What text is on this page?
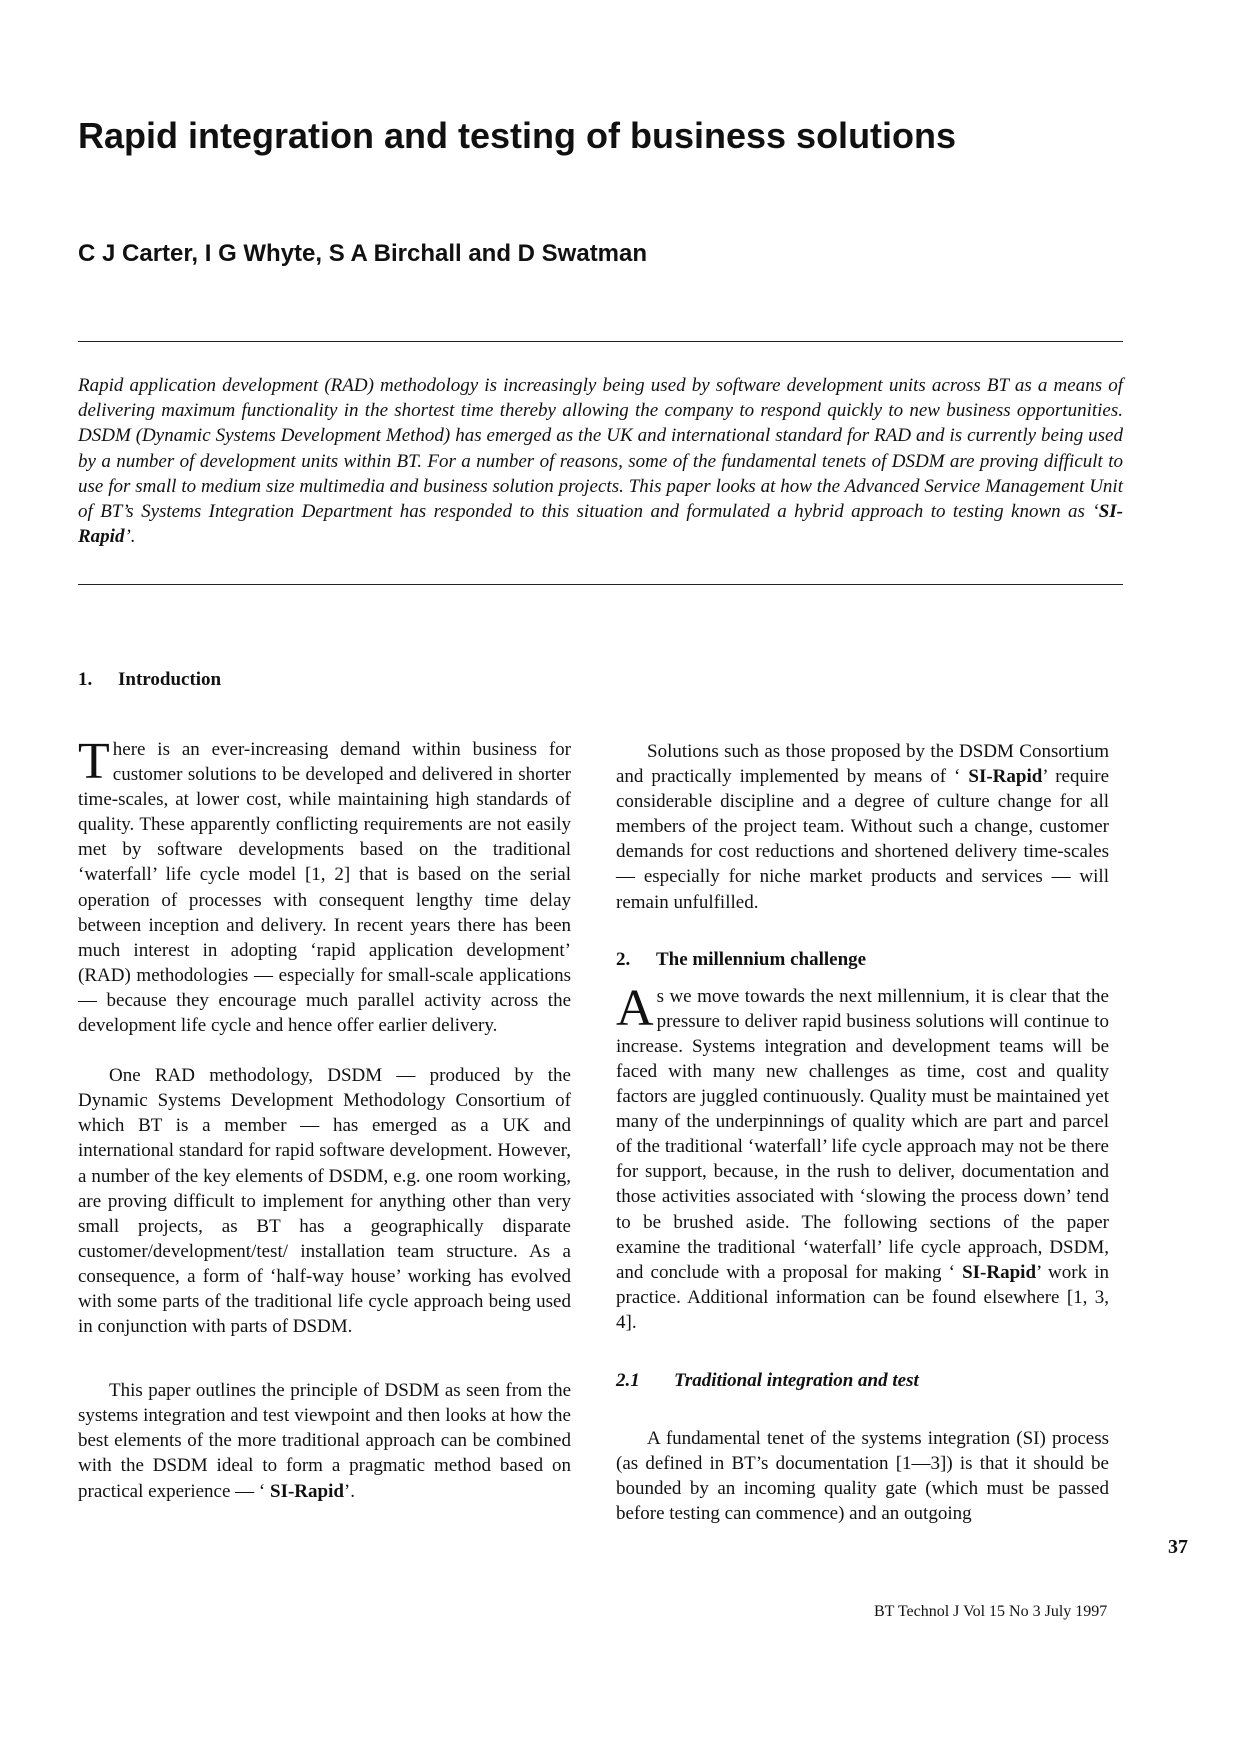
Rapid integration and testing of business solutions
C J Carter, I G Whyte, S A Birchall and D Swatman

Rapid application development (RAD) methodology is increasingly being used by software development units across BT as a means of delivering maximum functionality in the shortest time thereby allowing the company to respond quickly to new business opportunities. DSDM (Dynamic Systems Development Method) has emerged as the UK and international standard for RAD and is currently being used by a number of development units within BT. For a number of reasons, some of the fundamental tenets of DSDM are proving difficult to use for small to medium size multimedia and business solution projects. This paper looks at how the Advanced Service Management Unit of BT’s Systems Integration Department has responded to this situation and formulated a hybrid approach to testing known as ‘SI-Rapid’.

1. Introduction

There is an ever-increasing demand within business for customer solutions to be developed and delivered in shorter time-scales, at lower cost, while maintaining high standards of quality. These apparently conflicting requirements are not easily met by software developments based on the traditional ‘waterfall’ life cycle model [1, 2] that is based on the serial operation of processes with consequent lengthy time delay between inception and delivery. In recent years there has been much interest in adopting ‘rapid application development’ (RAD) methodologies — especially for small-scale applications — because they encourage much parallel activity across the development life cycle and hence offer earlier delivery.

One RAD methodology, DSDM — produced by the Dynamic Systems Development Methodology Consortium of which BT is a member — has emerged as a UK and international standard for rapid software development. However, a number of the key elements of DSDM, e.g. one room working, are proving difficult to implement for anything other than very small projects, as BT has a geographically disparate customer/development/test/ installation team structure. As a consequence, a form of ‘half-way house’ working has evolved with some parts of the traditional life cycle approach being used in conjunction with parts of DSDM.

This paper outlines the principle of DSDM as seen from the systems integration and test viewpoint and then looks at how the best elements of the more traditional approach can be combined with the DSDM ideal to form a pragmatic method based on practical experience — ‘ SI-Rapid’.

Solutions such as those proposed by the DSDM Consortium and practically implemented by means of ‘ SI-Rapid’ require considerable discipline and a degree of culture change for all members of the project team. Without such a change, customer demands for cost reductions and shortened delivery time-scales — especially for niche market products and services — will remain unfulfilled.

2. The millennium challenge

As we move towards the next millennium, it is clear that the pressure to deliver rapid business solutions will continue to increase. Systems integration and development teams will be faced with many new challenges as time, cost and quality factors are juggled continuously. Quality must be maintained yet many of the underpinnings of quality which are part and parcel of the traditional ‘waterfall’ life cycle approach may not be there for support, because, in the rush to deliver, documentation and those activities associated with ‘slowing the process down’ tend to be brushed aside. The following sections of the paper examine the traditional ‘waterfall’ life cycle approach, DSDM, and conclude with a proposal for making ‘ SI-Rapid’ work in practice. Additional information can be found elsewhere [1, 3, 4].

2.1 Traditional integration and test

A fundamental tenet of the systems integration (SI) process (as defined in BT’s documentation [1—3]) is that it should be bounded by an incoming quality gate (which must be passed before testing can commence) and an outgoing

37
BT Technol J Vol 15 No 3 July 1997
